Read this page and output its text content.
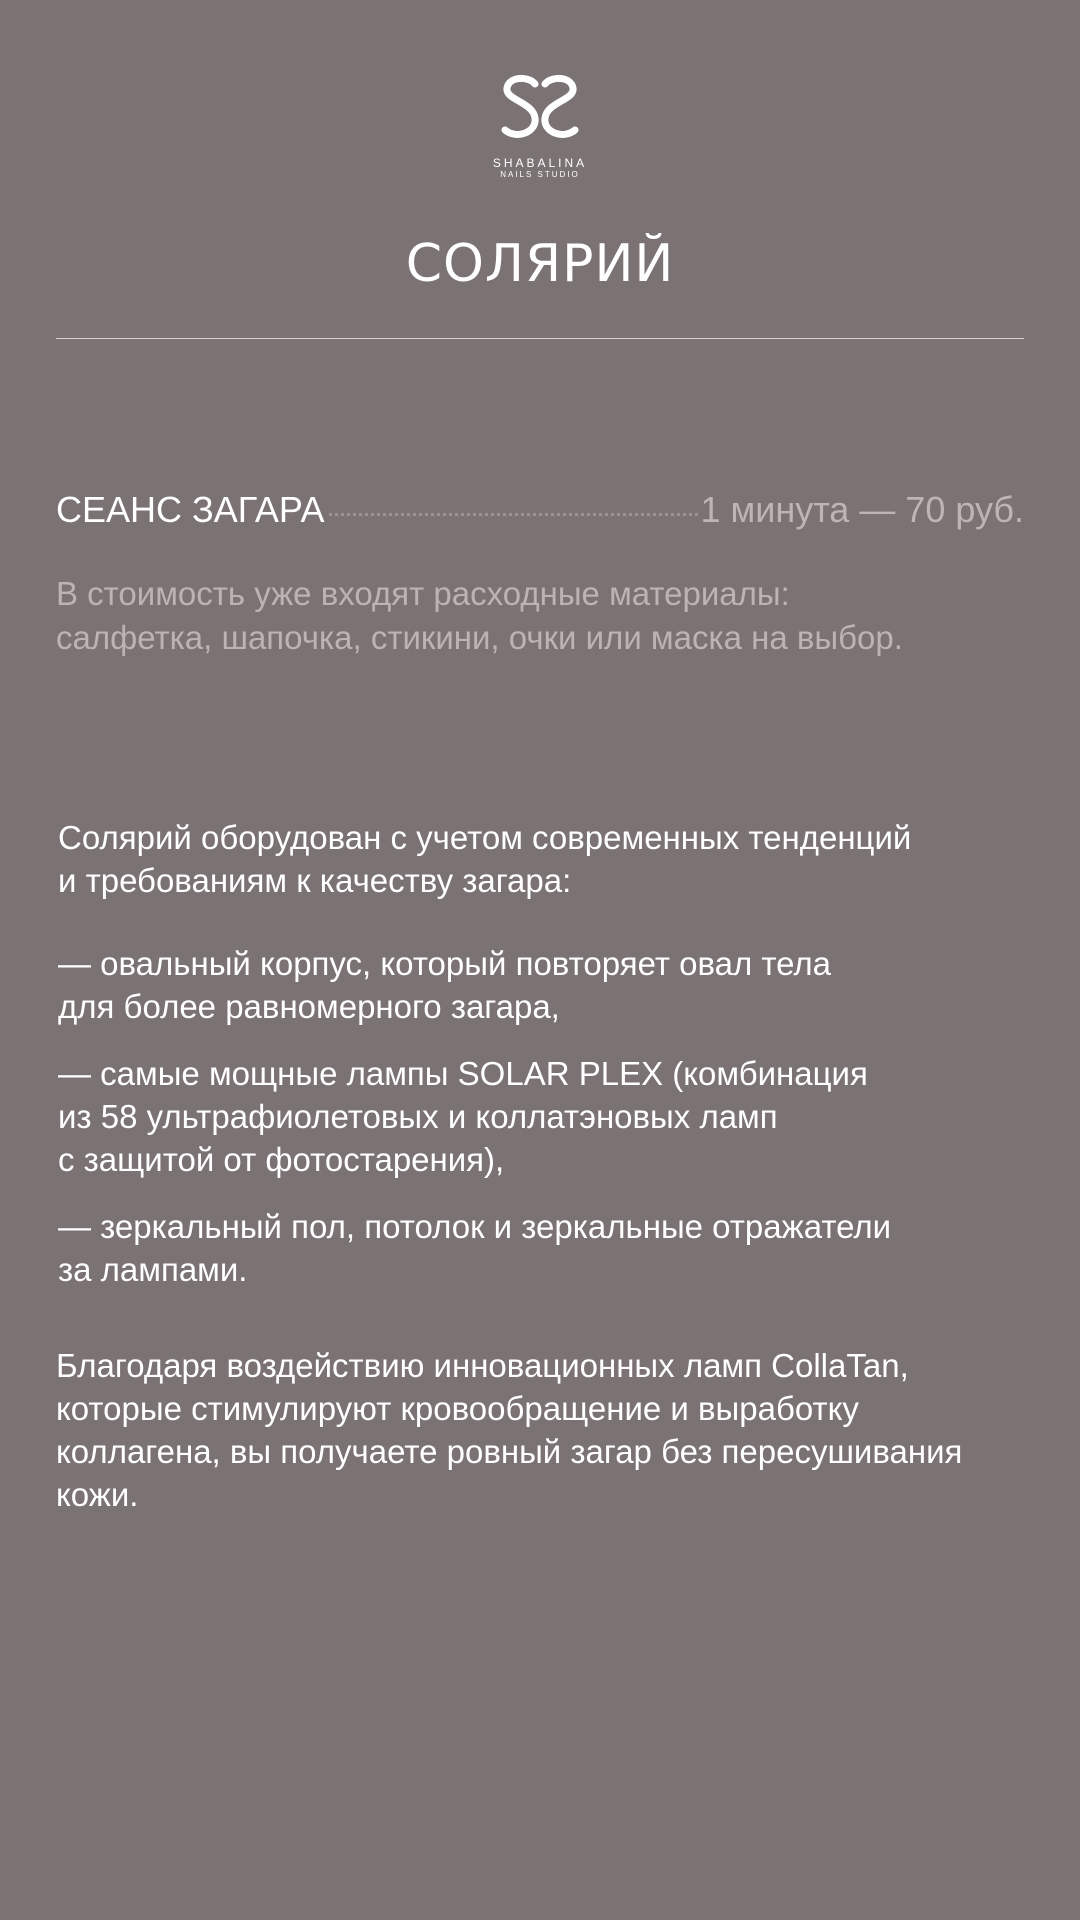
SHABALINA
NAILS STUDIO
СОЛЯРИЙ
СЕАНС ЗАГАРА	1 минута — 70 руб.
В стоимость уже входят расходные материалы:
салфетка, шапочка, стикини, очки или маска на выбор.
Солярий оборудован с учетом современных тенденций
и требованиям к качеству загара:
— овальный корпус, который повторяет овал тела
для более равномерного загара,
— самые мощные лампы SOLAR PLEX (комбинация
из 58 ультрафиолетовых и коллатэновых ламп
с защитой от фотостарения),
— зеркальный пол, потолок и зеркальные отражатели
за лампами.
Благодаря воздействию инновационных ламп CollaTan,
которые стимулируют кровообращение и выработку
коллагена, вы получаете ровный загар без пересушивания
кожи.
